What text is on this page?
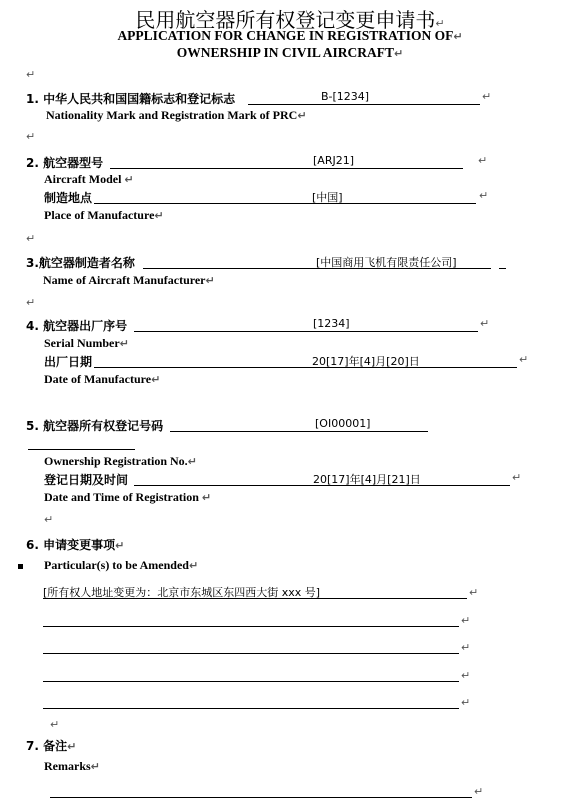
民用航空器所有权登记变更申请书↵
APPLICATION FOR CHANGE IN REGISTRATION OF↵
OWNERSHIP IN CIVIL AIRCRAFT↵
↵
1. 中华人民共和国国籍标志和登记标志	B-[1234]	↵
Nationality Mark and Registration Mark of PRC↵
↵
2. 航空器型号	[ARJ21]	↵
Aircraft Model ↵
制造地点	[中国]	↵
Place of Manufacture↵
↵
3.航空器制造者名称	[中国商用飞机有限责任公司]
Name of Aircraft Manufacturer↵
↵
4. 航空器出厂序号	[1234]	↵
Serial Number↵
出厂日期	20[17]年[4]月[20]日	↵
Date of Manufacture↵
5. 航空器所有权登记号码	[OI00001]
Ownership Registration No.↵
登记日期及时间	20[17]年[4]月[21]日	↵
Date and Time of Registration ↵
↵
6. 申请变更事项↵
Particular(s) to be Amended↵
[所有权人地址变更为：北京市东城区东四西大街 xxx 号]	↵
↵
↵
↵
↵
↵
7. 备注↵
Remarks↵
↵
